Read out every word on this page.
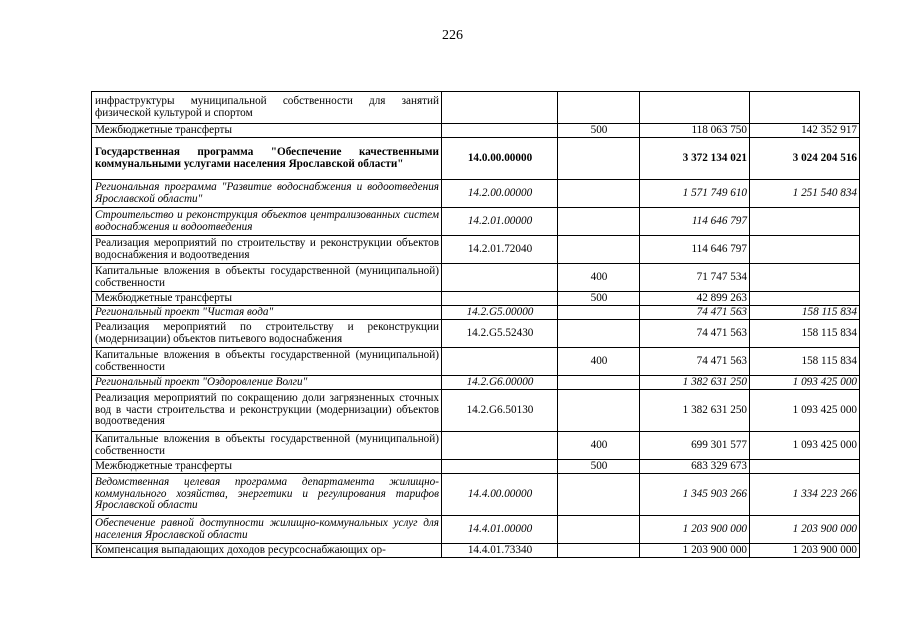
226
инфраструктуры муниципальной собственности для занятий физической культурой и спортом				
Межбюджетные трансферты		500	118 063 750	142 352 917
Государственная программа "Обеспечение качественными коммунальными услугами населения Ярославской области"	14.0.00.00000		3 372 134 021	3 024 204 516
Региональная программа "Развитие водоснабжения и водоотведения Ярославской области"	14.2.00.00000		1 571 749 610	1 251 540 834
Строительство и реконструкция объектов централизованных систем водоснабжения и водоотведения	14.2.01.00000		114 646 797	
Реализация мероприятий по строительству и реконструкции объектов водоснабжения и водоотведения	14.2.01.72040		114 646 797	
Капитальные вложения в объекты государственной (муниципальной) собственности		400	71 747 534	
Межбюджетные трансферты		500	42 899 263	
Региональный проект "Чистая вода"	14.2.G5.00000		74 471 563	158 115 834
Реализация мероприятий по строительству и реконструкции (модернизации) объектов питьевого водоснабжения	14.2.G5.52430		74 471 563	158 115 834
Капитальные вложения в объекты государственной (муниципальной) собственности		400	74 471 563	158 115 834
Региональный проект "Оздоровление Волги"	14.2.G6.00000		1 382 631 250	1 093 425 000
Реализация мероприятий по сокращению доли загрязненных сточных вод в части строительства и реконструкции (модернизации) объектов водоотведения	14.2.G6.50130		1 382 631 250	1 093 425 000
Капитальные вложения в объекты государственной (муниципальной) собственности		400	699 301 577	1 093 425 000
Межбюджетные трансферты		500	683 329 673	
Ведомственная целевая программа департамента жилищно-коммунального хозяйства, энергетики и регулирования тарифов Ярославской области	14.4.00.00000		1 345 903 266	1 334 223 266
Обеспечение равной доступности жилищно-коммунальных услуг для населения Ярославской области	14.4.01.00000		1 203 900 000	1 203 900 000
Компенсация выпадающих доходов ресурсоснабжающих ор-	14.4.01.73340		1 203 900 000	1 203 900 000
